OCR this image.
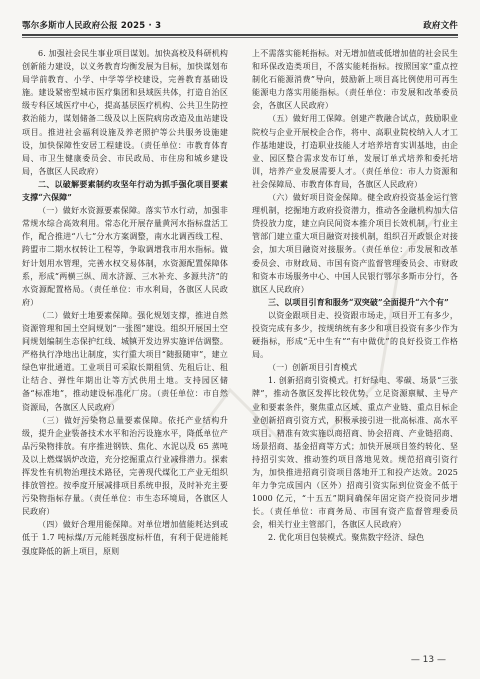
鄂尔多斯市人民政府公报 2025 · 3	政府文件

6. 加强社会民生事业项目谋划。加快高校及科研机构创新能力建设，以义务教育均衡发展为目标，加快谋划布局学前教育、小学、中学等学校建设，完善教育基础设施。建设紧密型城市医疗集团和县域医共体，打造自治区级专科区域医疗中心，提高基层医疗机构、公共卫生防控救治能力，谋划储备二级及以上医院病房改造及血站建设项目。推进社会福利设施及养老照护等公共服务设施建设，加快保障性安居工程建设。（责任单位：市教育体育局、市卫生健康委员会、市民政局、市住房和城乡建设局，各旗区人民政府）

二、以破解要素制约攻坚年行动为抓手强化项目要素支撑“六保障”

（一）做好水资源要素保障。落实节水行动，加强非常规水综合高效利用。常态化开展存量黄河水指标盘活工作，配合推进“八七”分水方案调整，南水北调西线工程、跨盟市二期水权转让工程等，争取调增我市用水指标。做好计划用水管理，完善水权交易体制，水资源配置保障体系，形成“两横三纵、周水济源、三水补充、多源共济”的水资源配置格局。（责任单位：市水利局，各旗区人民政府）

（二）做好土地要素保障。强化规划支撑，推进自然资源管理和国土空间规划“一张图”建设。组织开展国土空间规划编制生态保护红线、城镇开发边界实施评估调整。严格执行净地出让制度，实行重大项目“随报随审”，建立绿色审批通道。工业项目可采取长期租赁、先租后让、租让结合、弹性年期出让等方式供用土地。支持园区储备“标准地”，推动建设标准化厂房。（责任单位：市自然资源局，各旗区人民政府）

（三）做好污染物总量要素保障。依托产业结构升级，提升企业装备技术水平和治污设施水平，降低单位产品污染物排放。有序推进钢铁、焦化、水泥以及 65 蒸吨及以上燃煤锅炉改造，充分挖掘重点行业减排潜力。探索挥发性有机物治理技术路径，完善现代煤化工产业无组织排放管控。按季度开展减排项目系统申报，及时补充主要污染物指标存量。（责任单位：市生态环境局，各旗区人民政府）

（四）做好合理用能保障。对单位增加值能耗达到或低于 1.7 吨标煤/万元能耗强度标杆值，有利于促进能耗强度降低的新上项目，原则

上不需落实能耗指标。对无增加值或低增加值的社会民生和环保改造类项目，不落实能耗指标。按照国家“重点控制化石能源消费”导向，鼓励新上项目高比例使用可再生能源电力落实用能指标。（责任单位：市发展和改革委员会，各旗区人民政府）

（五）做好用工保障。创建产教融合试点，鼓励职业院校与企业开展校企合作，将中、高职业院校纳入人才工作基地建设，打造职业技能人才培养培育实训基地，由企业、园区整合需求发布订单，发展订单式培养和委托培训，培养产业发展需要人才。（责任单位：市人力资源和社会保障局、市教育体育局，各旗区人民政府）

（六）做好项目资金保障。健全政府投资基金运行管理机制，挖掘地方政府投资潜力，推动各金融机构加大信贷投放力度，建立向民间资本推介项目长效机制，行业主管部门建立重大项目融资对接机制，组织召开政银企对接会，加大项目融资对接服务。（责任单位：市发展和改革委员会、市财政局、市国有资产监督管理委员会、市财政和资本市场服务中心、中国人民银行鄂尔多斯市分行，各旗区人民政府）

三、以项目引育和服务“双突破”全面提升“六个有”

以资金跟项目走、投资跟市场走，项目开工有多少，投资完成有多少，按规纳统有多少和项目投资有多少作为硬指标，形成“无中生有”“有中做优”的良好投资工作格局。

（一）创新项目引育模式

1. 创新招商引资模式。打好绿电、零碳、场景“三张牌”，推动各旗区发挥比较优势，立足资源禀赋、主导产业和要素条件，聚焦重点区域、重点产业链、重点目标企业创新招商引资方式，积极承接引进一批高标准、高水平项目。精准有效实施以商招商、协会招商、产业链招商、场景招商、基金招商等方式；加快开展项目签约转化、坚持招引实效、推动签约项目落地见效。规范招商引资行为，加快推进招商引资项目落地开工和投产达效。2025 年力争完成国内（区外）招商引资实际到位资金不低于 1000 亿元，“十五五”期间确保年固定资产投资同步增长。（责任单位：市商务局、市国有资产监督管理委员会，相关行业主管部门，各旗区人民政府）

2. 优化项目包装模式。聚焦数字经济、绿色

— 13 —
